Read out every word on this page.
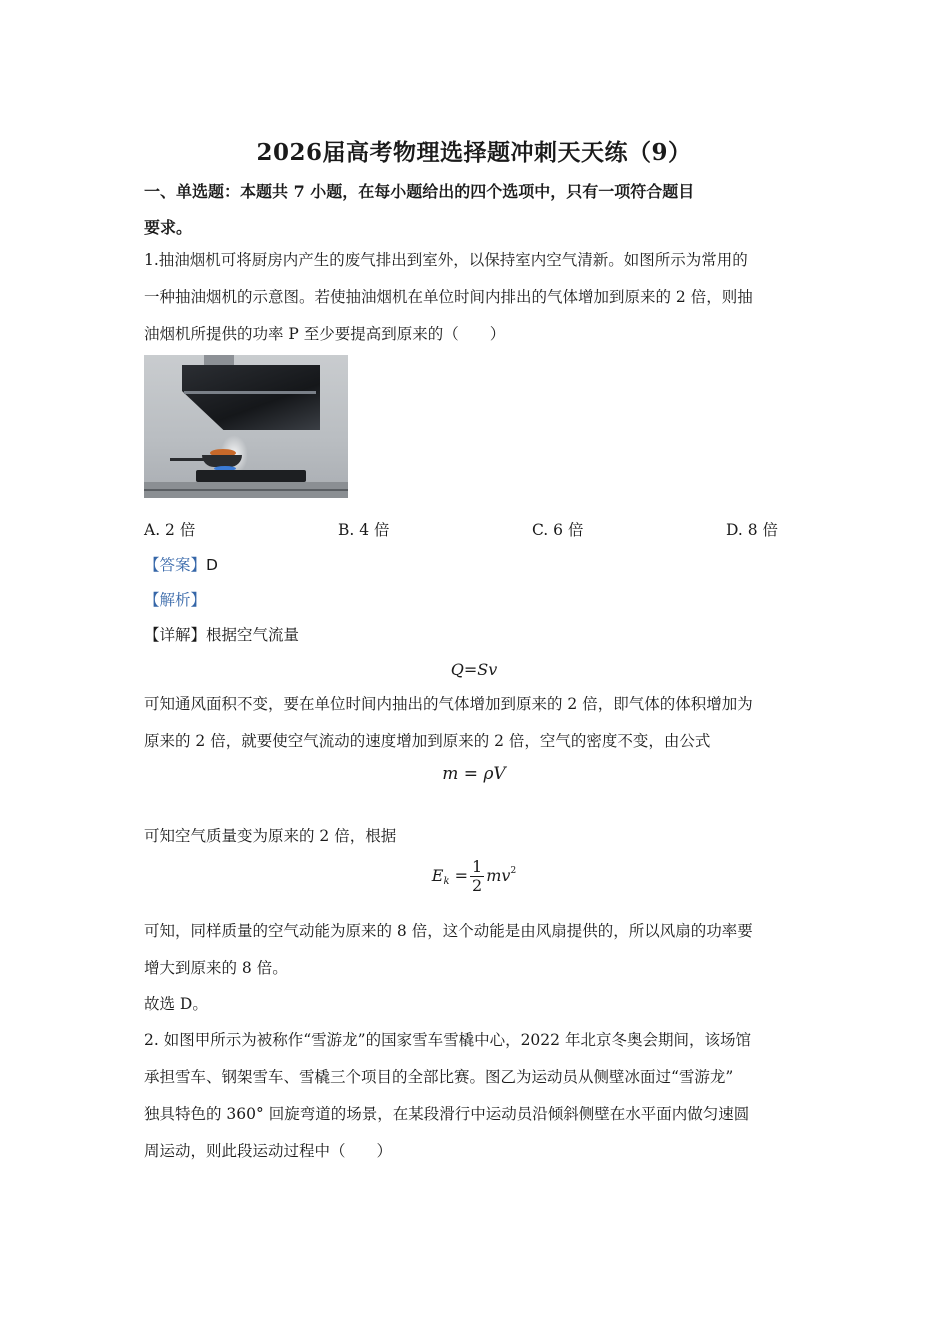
2026届高考物理选择题冲刺天天练（9）
一、单选题：本题共 7 小题，在每小题给出的四个选项中，只有一项符合题目
要求。
1.抽油烟机可将厨房内产生的废气排出到室外，以保持室内空气清新。如图所示为常用的
一种抽油烟机的示意图。若使抽油烟机在单位时间内排出的气体增加到原来的 2 倍，则抽
油烟机所提供的功率 P 至少要提高到原来的（　　）
A. 2 倍	B. 4 倍	C. 6 倍	D. 8 倍
【答案】D
【解析】
【详解】根据空气流量
Q=Sv
可知通风面积不变，要在单位时间内抽出的气体增加到原来的 2 倍，即气体的体积增加为
原来的 2 倍，就要使空气流动的速度增加到原来的 2 倍，空气的密度不变，由公式
m = ρV
可知空气质量变为原来的 2 倍，根据
$E_k = \frac{1}{2} mv^2$
可知，同样质量的空气动能为原来的 8 倍，这个动能是由风扇提供的，所以风扇的功率要
增大到原来的 8 倍。
故选 D。
2. 如图甲所示为被称作“雪游龙”的国家雪车雪橇中心，2022 年北京冬奥会期间，该场馆
承担雪车、钢架雪车、雪橇三个项目的全部比赛。图乙为运动员从侧壁冰面过“雪游龙”
独具特色的 360° 回旋弯道的场景，在某段滑行中运动员沿倾斜侧壁在水平面内做匀速圆
周运动，则此段运动过程中（　　）
